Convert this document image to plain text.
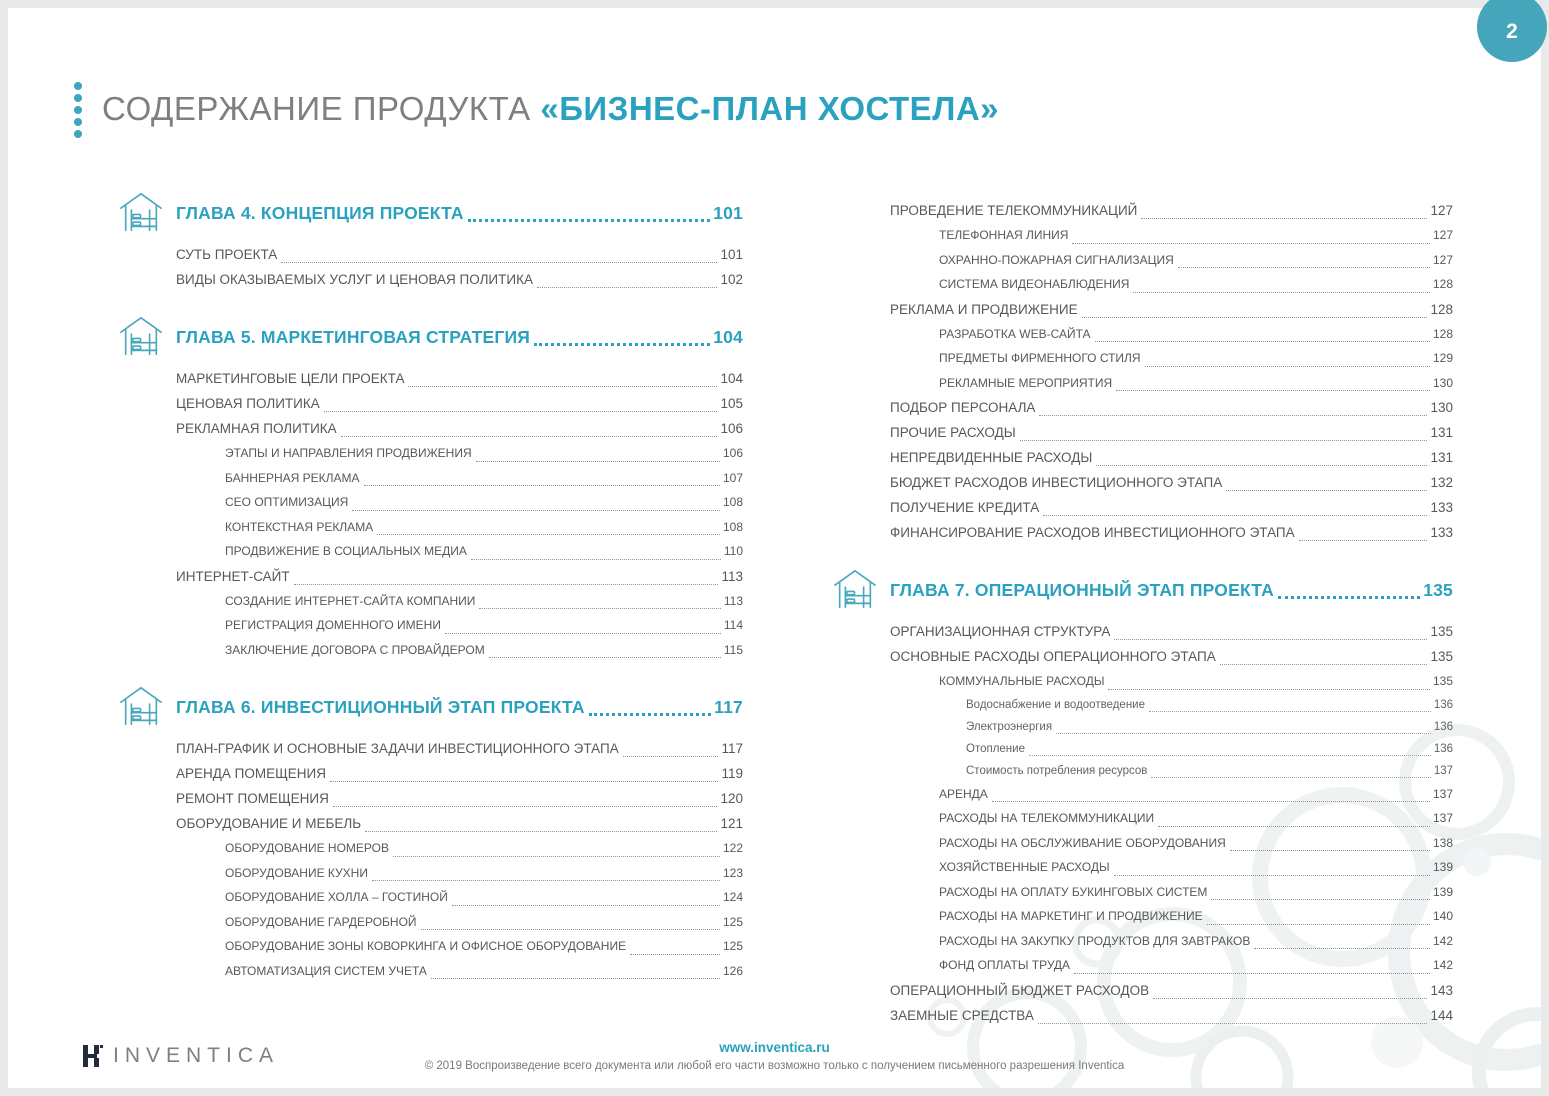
СОДЕРЖАНИЕ ПРОДУКТА «БИЗНЕС-ПЛАН ХОСТЕЛА»
ГЛАВА 4. КОНЦЕПЦИЯ ПРОЕКТА	101
СУТЬ ПРОЕКТА	101
ВИДЫ ОКАЗЫВАЕМЫХ УСЛУГ И ЦЕНОВАЯ ПОЛИТИКА	102
ГЛАВА 5. МАРКЕТИНГОВАЯ СТРАТЕГИЯ	104
МАРКЕТИНГОВЫЕ ЦЕЛИ ПРОЕКТА	104
ЦЕНОВАЯ ПОЛИТИКА	105
РЕКЛАМНАЯ ПОЛИТИКА	106
ЭТАПЫ И НАПРАВЛЕНИЯ ПРОДВИЖЕНИЯ	106
БАННЕРНАЯ РЕКЛАМА	107
СЕО ОПТИМИЗАЦИЯ	108
КОНТЕКСТНАЯ РЕКЛАМА	108
ПРОДВИЖЕНИЕ В СОЦИАЛЬНЫХ МЕДИА	110
ИНТЕРНЕТ-САЙТ	113
СОЗДАНИЕ ИНТЕРНЕТ-САЙТА КОМПАНИИ	113
РЕГИСТРАЦИЯ ДОМЕННОГО ИМЕНИ	114
ЗАКЛЮЧЕНИЕ ДОГОВОРА С ПРОВАЙДЕРОМ	115
ГЛАВА 6. ИНВЕСТИЦИОННЫЙ ЭТАП ПРОЕКТА	117
ПЛАН-ГРАФИК И ОСНОВНЫЕ ЗАДАЧИ ИНВЕСТИЦИОННОГО ЭТАПА	117
АРЕНДА ПОМЕЩЕНИЯ	119
РЕМОНТ ПОМЕЩЕНИЯ	120
ОБОРУДОВАНИЕ И МЕБЕЛЬ	121
ОБОРУДОВАНИЕ НОМЕРОВ	122
ОБОРУДОВАНИЕ КУХНИ	123
ОБОРУДОВАНИЕ ХОЛЛА – ГОСТИНОЙ	124
ОБОРУДОВАНИЕ ГАРДЕРОБНОЙ	125
ОБОРУДОВАНИЕ ЗОНЫ КОВОРКИНГА И ОФИСНОЕ ОБОРУДОВАНИЕ	125
АВТОМАТИЗАЦИЯ СИСТЕМ УЧЕТА	126
ПРОВЕДЕНИЕ ТЕЛЕКОММУНИКАЦИЙ	127
ТЕЛЕФОННАЯ ЛИНИЯ	127
ОХРАННО-ПОЖАРНАЯ СИГНАЛИЗАЦИЯ	127
СИСТЕМА ВИДЕОНАБЛЮДЕНИЯ	128
РЕКЛАМА И ПРОДВИЖЕНИЕ	128
РАЗРАБОТКА WEB-САЙТА	128
ПРЕДМЕТЫ ФИРМЕННОГО СТИЛЯ	129
РЕКЛАМНЫЕ МЕРОПРИЯТИЯ	130
ПОДБОР ПЕРСОНАЛА	130
ПРОЧИЕ РАСХОДЫ	131
НЕПРЕДВИДЕННЫЕ РАСХОДЫ	131
БЮДЖЕТ РАСХОДОВ ИНВЕСТИЦИОННОГО ЭТАПА	132
ПОЛУЧЕНИЕ КРЕДИТА	133
ФИНАНСИРОВАНИЕ РАСХОДОВ ИНВЕСТИЦИОННОГО ЭТАПА	133
ГЛАВА 7. ОПЕРАЦИОННЫЙ ЭТАП ПРОЕКТА	135
ОРГАНИЗАЦИОННАЯ СТРУКТУРА	135
ОСНОВНЫЕ РАСХОДЫ ОПЕРАЦИОННОГО ЭТАПА	135
КОММУНАЛЬНЫЕ РАСХОДЫ	135
Водоснабжение и водоотведение	136
Электроэнергия	136
Отопление	136
Стоимость потребления ресурсов	137
АРЕНДА	137
РАСХОДЫ НА ТЕЛЕКОММУНИКАЦИИ	137
РАСХОДЫ НА ОБСЛУЖИВАНИЕ ОБОРУДОВАНИЯ	138
ХОЗЯЙСТВЕННЫЕ РАСХОДЫ	139
РАСХОДЫ НА ОПЛАТУ БУКИНГОВЫХ СИСТЕМ	139
РАСХОДЫ НА МАРКЕТИНГ И ПРОДВИЖЕНИЕ	140
РАСХОДЫ НА ЗАКУПКУ ПРОДУКТОВ ДЛЯ ЗАВТРАКОВ	142
ФОНД ОПЛАТЫ ТРУДА	142
ОПЕРАЦИОННЫЙ БЮДЖЕТ РАСХОДОВ	143
ЗАЕМНЫЕ СРЕДСТВА	144
INVENTICA	www.inventica.ru
© 2019 Воспроизведение всего документа или любой его части возможно только с получением письменного разрешения Inventica
2
